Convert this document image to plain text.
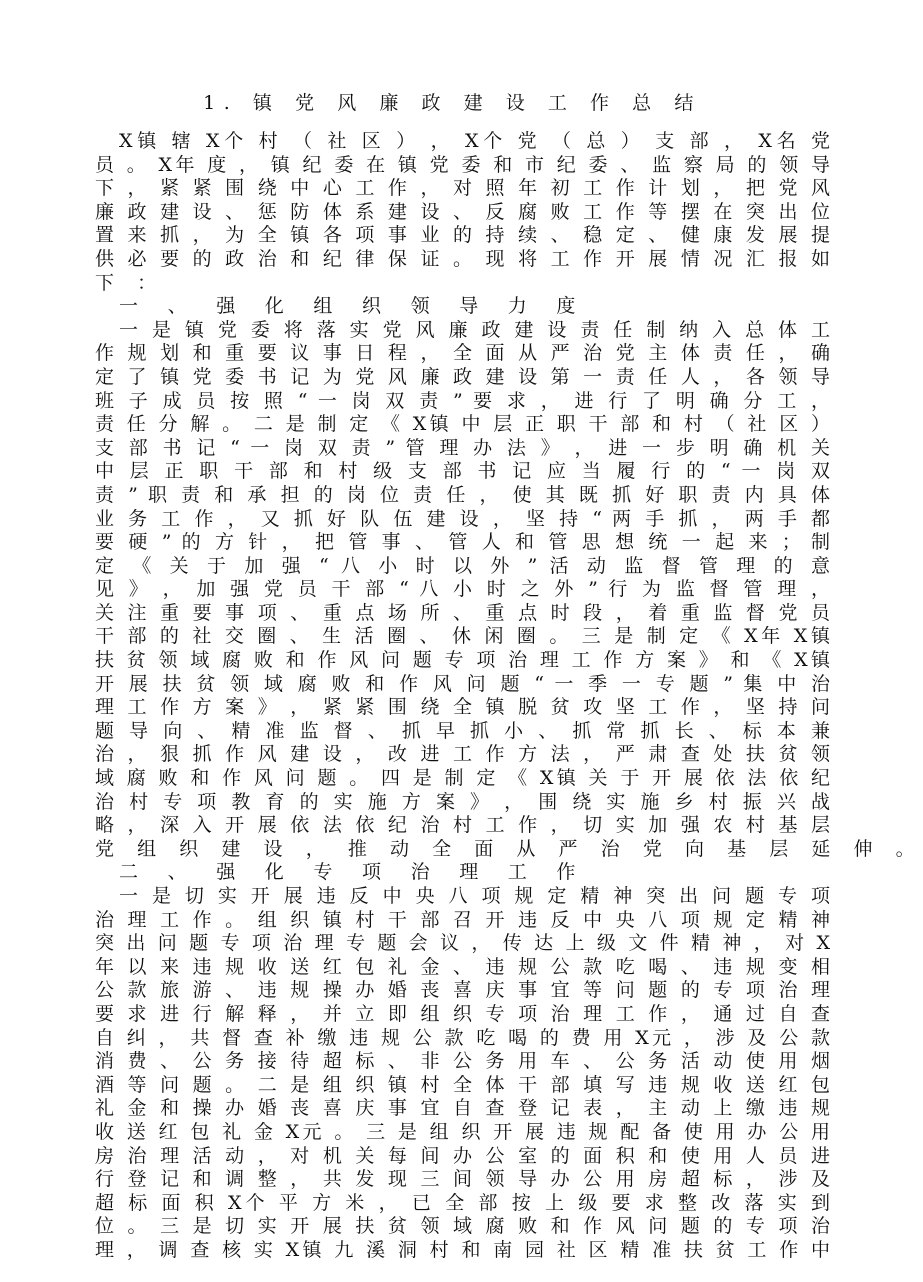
1. 镇 党 风 廉 政 建 设 工 作 总 结
X镇 辖 X个 村 （ 社 区 ） ， X个 党 （ 总 ） 支 部 ， X名 党
员 。 X年 度 ， 镇 纪 委 在 镇 党 委 和 市 纪 委 、 监 察 局 的 领 导
下 ， 紧 紧 围 绕 中 心 工 作 ， 对 照 年 初 工 作 计 划 ， 把 党 风
廉 政 建 设 、 惩 防 体 系 建 设 、 反 腐 败 工 作 等 摆 在 突 出 位
置 来 抓 ， 为 全 镇 各 项 事 业 的 持 续 、 稳 定 、 健 康 发 展 提
供 必 要 的 政 治 和 纪 律 保 证 。 现 将 工 作 开 展 情 况 汇 报 如
下 ：
一 、 强 化 组 织 领 导 力 度
一 是 镇 党 委 将 落 实 党 风 廉 政 建 设 责 任 制 纳 入 总 体 工
作 规 划 和 重 要 议 事 日 程 ， 全 面 从 严 治 党 主 体 责 任 ， 确
定 了 镇 党 委 书 记 为 党 风 廉 政 建 设 第 一 责 任 人 ， 各 领 导
班 子 成 员 按 照 “ 一 岗 双 责 ” 要 求 ， 进 行 了 明 确 分 工 ，
责 任 分 解 。 二 是 制 定 《 X镇 中 层 正 职 干 部 和 村 （ 社 区 ）
支 部 书 记 “ 一 岗 双 责 ” 管 理 办 法 》 ， 进 一 步 明 确 机 关
中 层 正 职 干 部 和 村 级 支 部 书 记 应 当 履 行 的 “ 一 岗 双
责 ” 职 责 和 承 担 的 岗 位 责 任 ， 使 其 既 抓 好 职 责 内 具 体
业 务 工 作 ， 又 抓 好 队 伍 建 设 ， 坚 持 “ 两 手 抓 ， 两 手 都
要 硬 ” 的 方 针 ， 把 管 事 、 管 人 和 管 思 想 统 一 起 来 ； 制
定 《 关 于 加 强 “ 八 小 时 以 外 ” 活 动 监 督 管 理 的 意
见 》 ， 加 强 党 员 干 部 “ 八 小 时 之 外 ” 行 为 监 督 管 理 ，
关 注 重 要 事 项 、 重 点 场 所 、 重 点 时 段 ， 着 重 监 督 党 员
干 部 的 社 交 圈 、 生 活 圈 、 休 闲 圈 。 三 是 制 定 《 X年 X镇
扶 贫 领 域 腐 败 和 作 风 问 题 专 项 治 理 工 作 方 案 》 和 《 X镇
开 展 扶 贫 领 域 腐 败 和 作 风 问 题 “ 一 季 一 专 题 ” 集 中 治
理 工 作 方 案 》 ， 紧 紧 围 绕 全 镇 脱 贫 攻 坚 工 作 ， 坚 持 问
题 导 向 、 精 准 监 督 、 抓 早 抓 小 、 抓 常 抓 长 、 标 本 兼
治 ， 狠 抓 作 风 建 设 ， 改 进 工 作 方 法 ， 严 肃 查 处 扶 贫 领
域 腐 败 和 作 风 问 题 。 四 是 制 定 《 X镇 关 于 开 展 依 法 依 纪
治 村 专 项 教 育 的 实 施 方 案 》 ， 围 绕 实 施 乡 村 振 兴 战
略 ， 深 入 开 展 依 法 依 纪 治 村 工 作 ， 切 实 加 强 农 村 基 层
党 组 织 建 设 ， 推 动 全 面 从 严 治 党 向 基 层 延 伸 。
二 、 强 化 专 项 治 理 工 作
一 是 切 实 开 展 违 反 中 央 八 项 规 定 精 神 突 出 问 题 专 项
治 理 工 作 。 组 织 镇 村 干 部 召 开 违 反 中 央 八 项 规 定 精 神
突 出 问 题 专 项 治 理 专 题 会 议 ， 传 达 上 级 文 件 精 神 ， 对 X
年 以 来 违 规 收 送 红 包 礼 金 、 违 规 公 款 吃 喝 、 违 规 变 相
公 款 旅 游 、 违 规 操 办 婚 丧 喜 庆 事 宜 等 问 题 的 专 项 治 理
要 求 进 行 解 释 ， 并 立 即 组 织 专 项 治 理 工 作 ， 通 过 自 查
自 纠 ， 共 督 查 补 缴 违 规 公 款 吃 喝 的 费 用 X元 ， 涉 及 公 款
消 费 、 公 务 接 待 超 标 、 非 公 务 用 车 、 公 务 活 动 使 用 烟
酒 等 问 题 。 二 是 组 织 镇 村 全 体 干 部 填 写 违 规 收 送 红 包
礼 金 和 操 办 婚 丧 喜 庆 事 宜 自 查 登 记 表 ， 主 动 上 缴 违 规
收 送 红 包 礼 金 X元 。 三 是 组 织 开 展 违 规 配 备 使 用 办 公 用
房 治 理 活 动 ， 对 机 关 每 间 办 公 室 的 面 积 和 使 用 人 员 进
行 登 记 和 调 整 ， 共 发 现 三 间 领 导 办 公 用 房 超 标 ， 涉 及
超 标 面 积 X个 平 方 米 ， 已 全 部 按 上 级 要 求 整 改 落 实 到
位 。 三 是 切 实 开 展 扶 贫 领 域 腐 败 和 作 风 问 题 的 专 项 治
理 ， 调 查 核 实 X镇 九 溪 洞 村 和 南 园 社 区 精 准 扶 贫 工 作 中
